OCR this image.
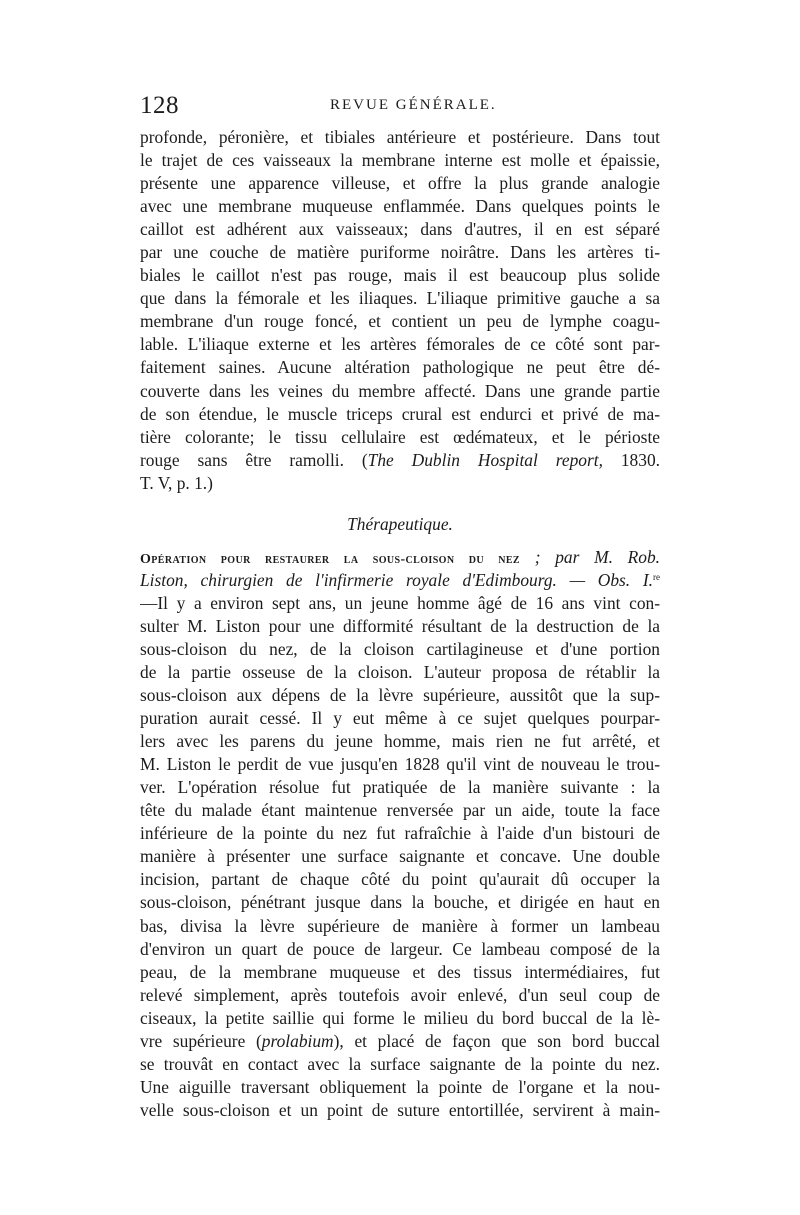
128	REVUE GÉNÉRALE.
profonde, péronière, et tibiales antérieure et postérieure. Dans tout
le trajet de ces vaisseaux la membrane interne est molle et épaissie,
présente une apparence villeuse, et offre la plus grande analogie
avec une membrane muqueuse enflammée. Dans quelques points le
caillot est adhérent aux vaisseaux; dans d'autres, il en est séparé
par une couche de matière puriforme noirâtre. Dans les artères ti-
biales le caillot n'est pas rouge, mais il est beaucoup plus solide
que dans la fémorale et les iliaques. L'iliaque primitive gauche a sa
membrane d'un rouge foncé, et contient un peu de lymphe coagu-
lable. L'iliaque externe et les artères fémorales de ce côté sont par-
faitement saines. Aucune altération pathologique ne peut être dé-
couverte dans les veines du membre affecté. Dans une grande partie
de son étendue, le muscle triceps crural est endurci et privé de ma-
tière colorante; le tissu cellulaire est œdémateux, et le périoste
rouge sans être ramolli. (The Dublin Hospital report, 1830.
T. V, p. 1.)
Thérapeutique.
Opération pour restaurer la sous-cloison du nez ; par M. Rob.
Liston, chirurgien de l'infirmerie royale d'Edimbourg. — Obs. I.$^{re}$
—Il y a environ sept ans, un jeune homme âgé de 16 ans vint con-
sulter M. Liston pour une difformité résultant de la destruction de la
sous-cloison du nez, de la cloison cartilagineuse et d'une portion
de la partie osseuse de la cloison. L'auteur proposa de rétablir la
sous-cloison aux dépens de la lèvre supérieure, aussitôt que la sup-
puration aurait cessé. Il y eut même à ce sujet quelques pourpar-
lers avec les parens du jeune homme, mais rien ne fut arrêté, et
M. Liston le perdit de vue jusqu'en 1828 qu'il vint de nouveau le trou-
ver. L'opération résolue fut pratiquée de la manière suivante : la
tête du malade étant maintenue renversée par un aide, toute la face
inférieure de la pointe du nez fut rafraîchie à l'aide d'un bistouri de
manière à présenter une surface saignante et concave. Une double
incision, partant de chaque côté du point qu'aurait dû occuper la
sous-cloison, pénétrant jusque dans la bouche, et dirigée en haut en
bas, divisa la lèvre supérieure de manière à former un lambeau
d'environ un quart de pouce de largeur. Ce lambeau composé de la
peau, de la membrane muqueuse et des tissus intermédiaires, fut
relevé simplement, après toutefois avoir enlevé, d'un seul coup de
ciseaux, la petite saillie qui forme le milieu du bord buccal de la lè-
vre supérieure (prolabium), et placé de façon que son bord buccal
se trouvât en contact avec la surface saignante de la pointe du nez.
Une aiguille traversant obliquement la pointe de l'organe et la nou-
velle sous-cloison et un point de suture entortillée, servirent à main-
